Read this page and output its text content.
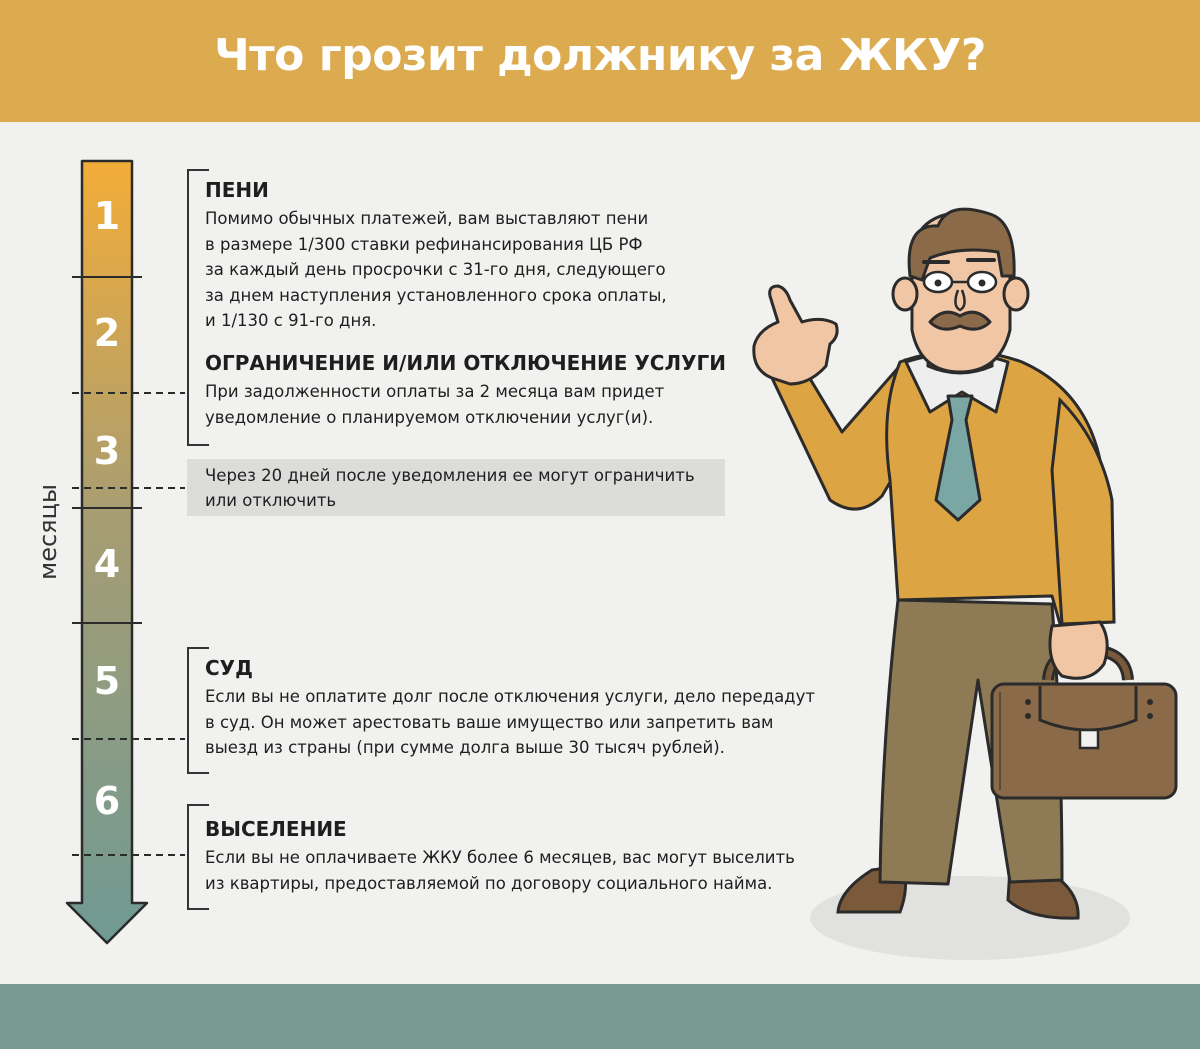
Что грозит должнику за ЖКУ?
1
2
3
4
5
6
месяцы
ПЕНИ

Помимо обычных платежей, вам выставляют пени
в размере 1/300 ставки рефинансирования ЦБ РФ
за каждый день просрочки с 31-го дня, следующего
за днем наступления установленного срока оплаты,
и 1/130 с 91-го дня.

ОГРАНИЧЕНИЕ И/ИЛИ ОТКЛЮЧЕНИЕ УСЛУГИ

При задолженности оплаты за 2 месяца вам придет
уведомление о планируемом отключении услуг(и).

Через 20 дней после уведомления ее могут ограничить
или отключить

СУД

Если вы не оплатите долг после отключения услуги, дело передадут
в суд. Он может арестовать ваше имущество или запретить вам
выезд из страны (при сумме долга выше 30 тысяч рублей).

ВЫСЕЛЕНИЕ

Если вы не оплачиваете ЖКУ более 6 месяцев, вас могут выселить
из квартиры, предоставляемой по договору социального найма.
